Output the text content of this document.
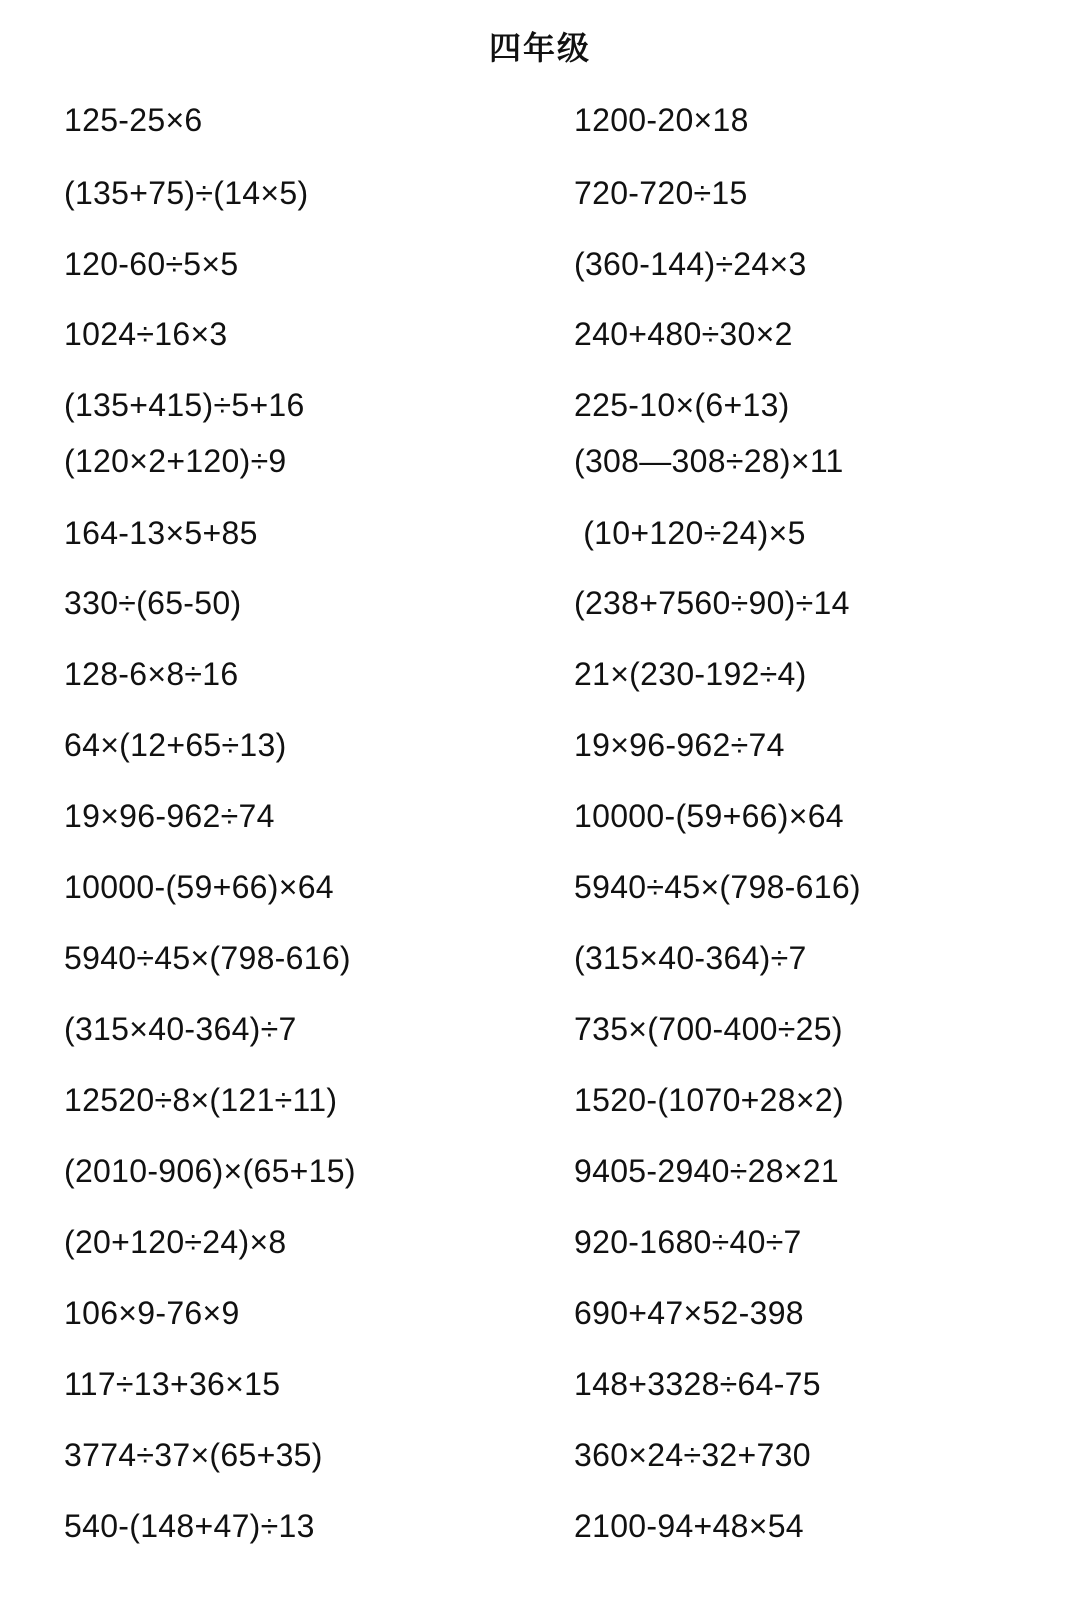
四年级
125-25×6
(135+75)÷(14×5)
120-60÷5×5
1024÷16×3
(135+415)÷5+16
(120×2+120)÷9
164-13×5+85
330÷(65-50)
128-6×8÷16
64×(12+65÷13)
19×96-962÷74
10000-(59+66)×64
5940÷45×(798-616)
(315×40-364)÷7
12520÷8×(121÷11)
(2010-906)×(65+15)
(20+120÷24)×8
106×9-76×9
117÷13+36×15
3774÷37×(65+35)
540-(148+47)÷13
1200-20×18
720-720÷15
(360-144)÷24×3
240+480÷30×2
225-10×(6+13)
(308—308÷28)×11
(10+120÷24)×5
(238+7560÷90)÷14
21×(230-192÷4)
19×96-962÷74
10000-(59+66)×64
5940÷45×(798-616)
(315×40-364)÷7
735×(700-400÷25)
1520-(1070+28×2)
9405-2940÷28×21
920-1680÷40÷7
690+47×52-398
148+3328÷64-75
360×24÷32+730
2100-94+48×54
